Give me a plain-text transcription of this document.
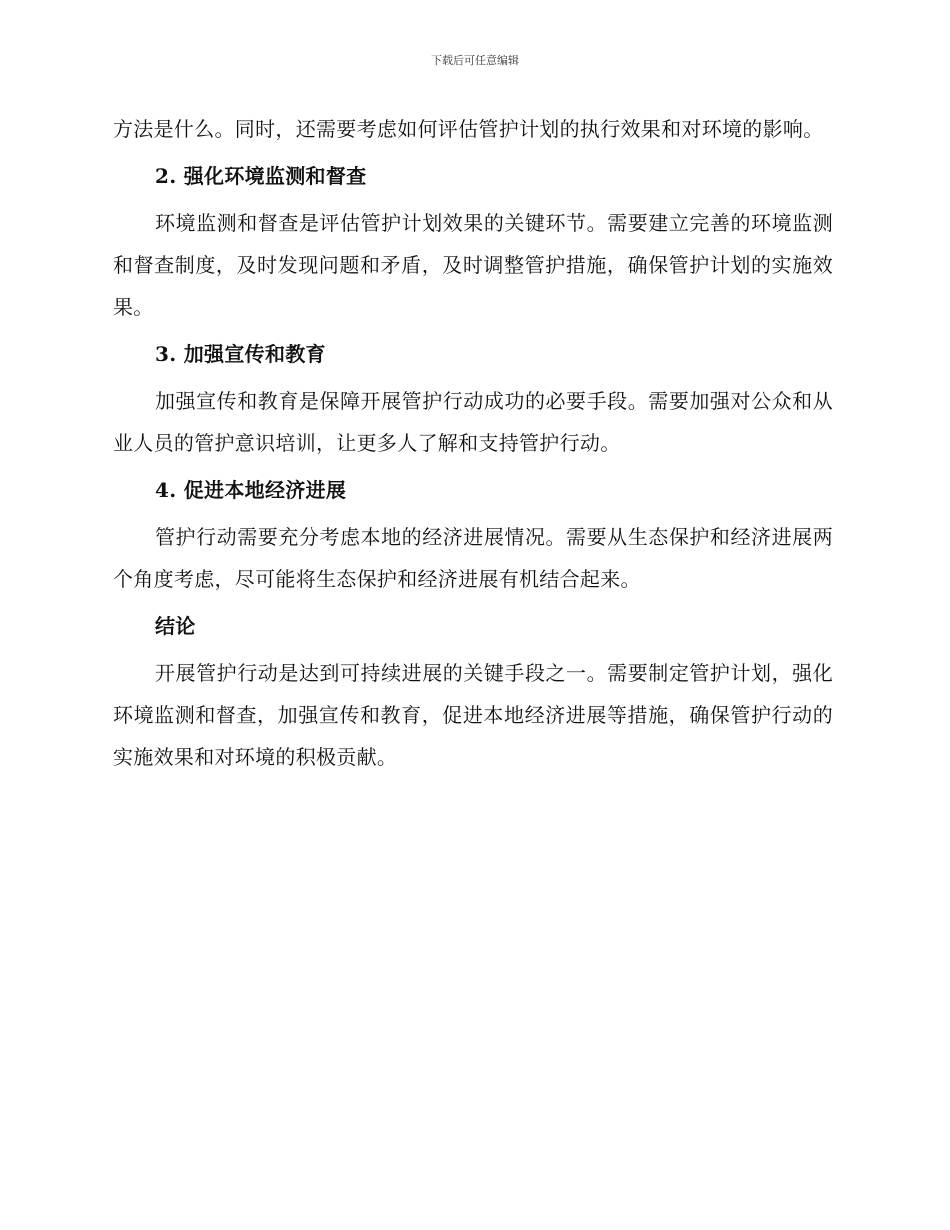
下载后可任意编辑

方法是什么。同时，还需要考虑如何评估管护计划的执行效果和对环境的影响。

2. 强化环境监测和督查

环境监测和督查是评估管护计划效果的关键环节。需要建立完善的环境监测和督查制度，及时发现问题和矛盾，及时调整管护措施，确保管护计划的实施效果。

3. 加强宣传和教育

加强宣传和教育是保障开展管护行动成功的必要手段。需要加强对公众和从业人员的管护意识培训，让更多人了解和支持管护行动。

4. 促进本地经济进展

管护行动需要充分考虑本地的经济进展情况。需要从生态保护和经济进展两个角度考虑，尽可能将生态保护和经济进展有机结合起来。

结论

开展管护行动是达到可持续进展的关键手段之一。需要制定管护计划，强化环境监测和督查，加强宣传和教育，促进本地经济进展等措施，确保管护行动的实施效果和对环境的积极贡献。
